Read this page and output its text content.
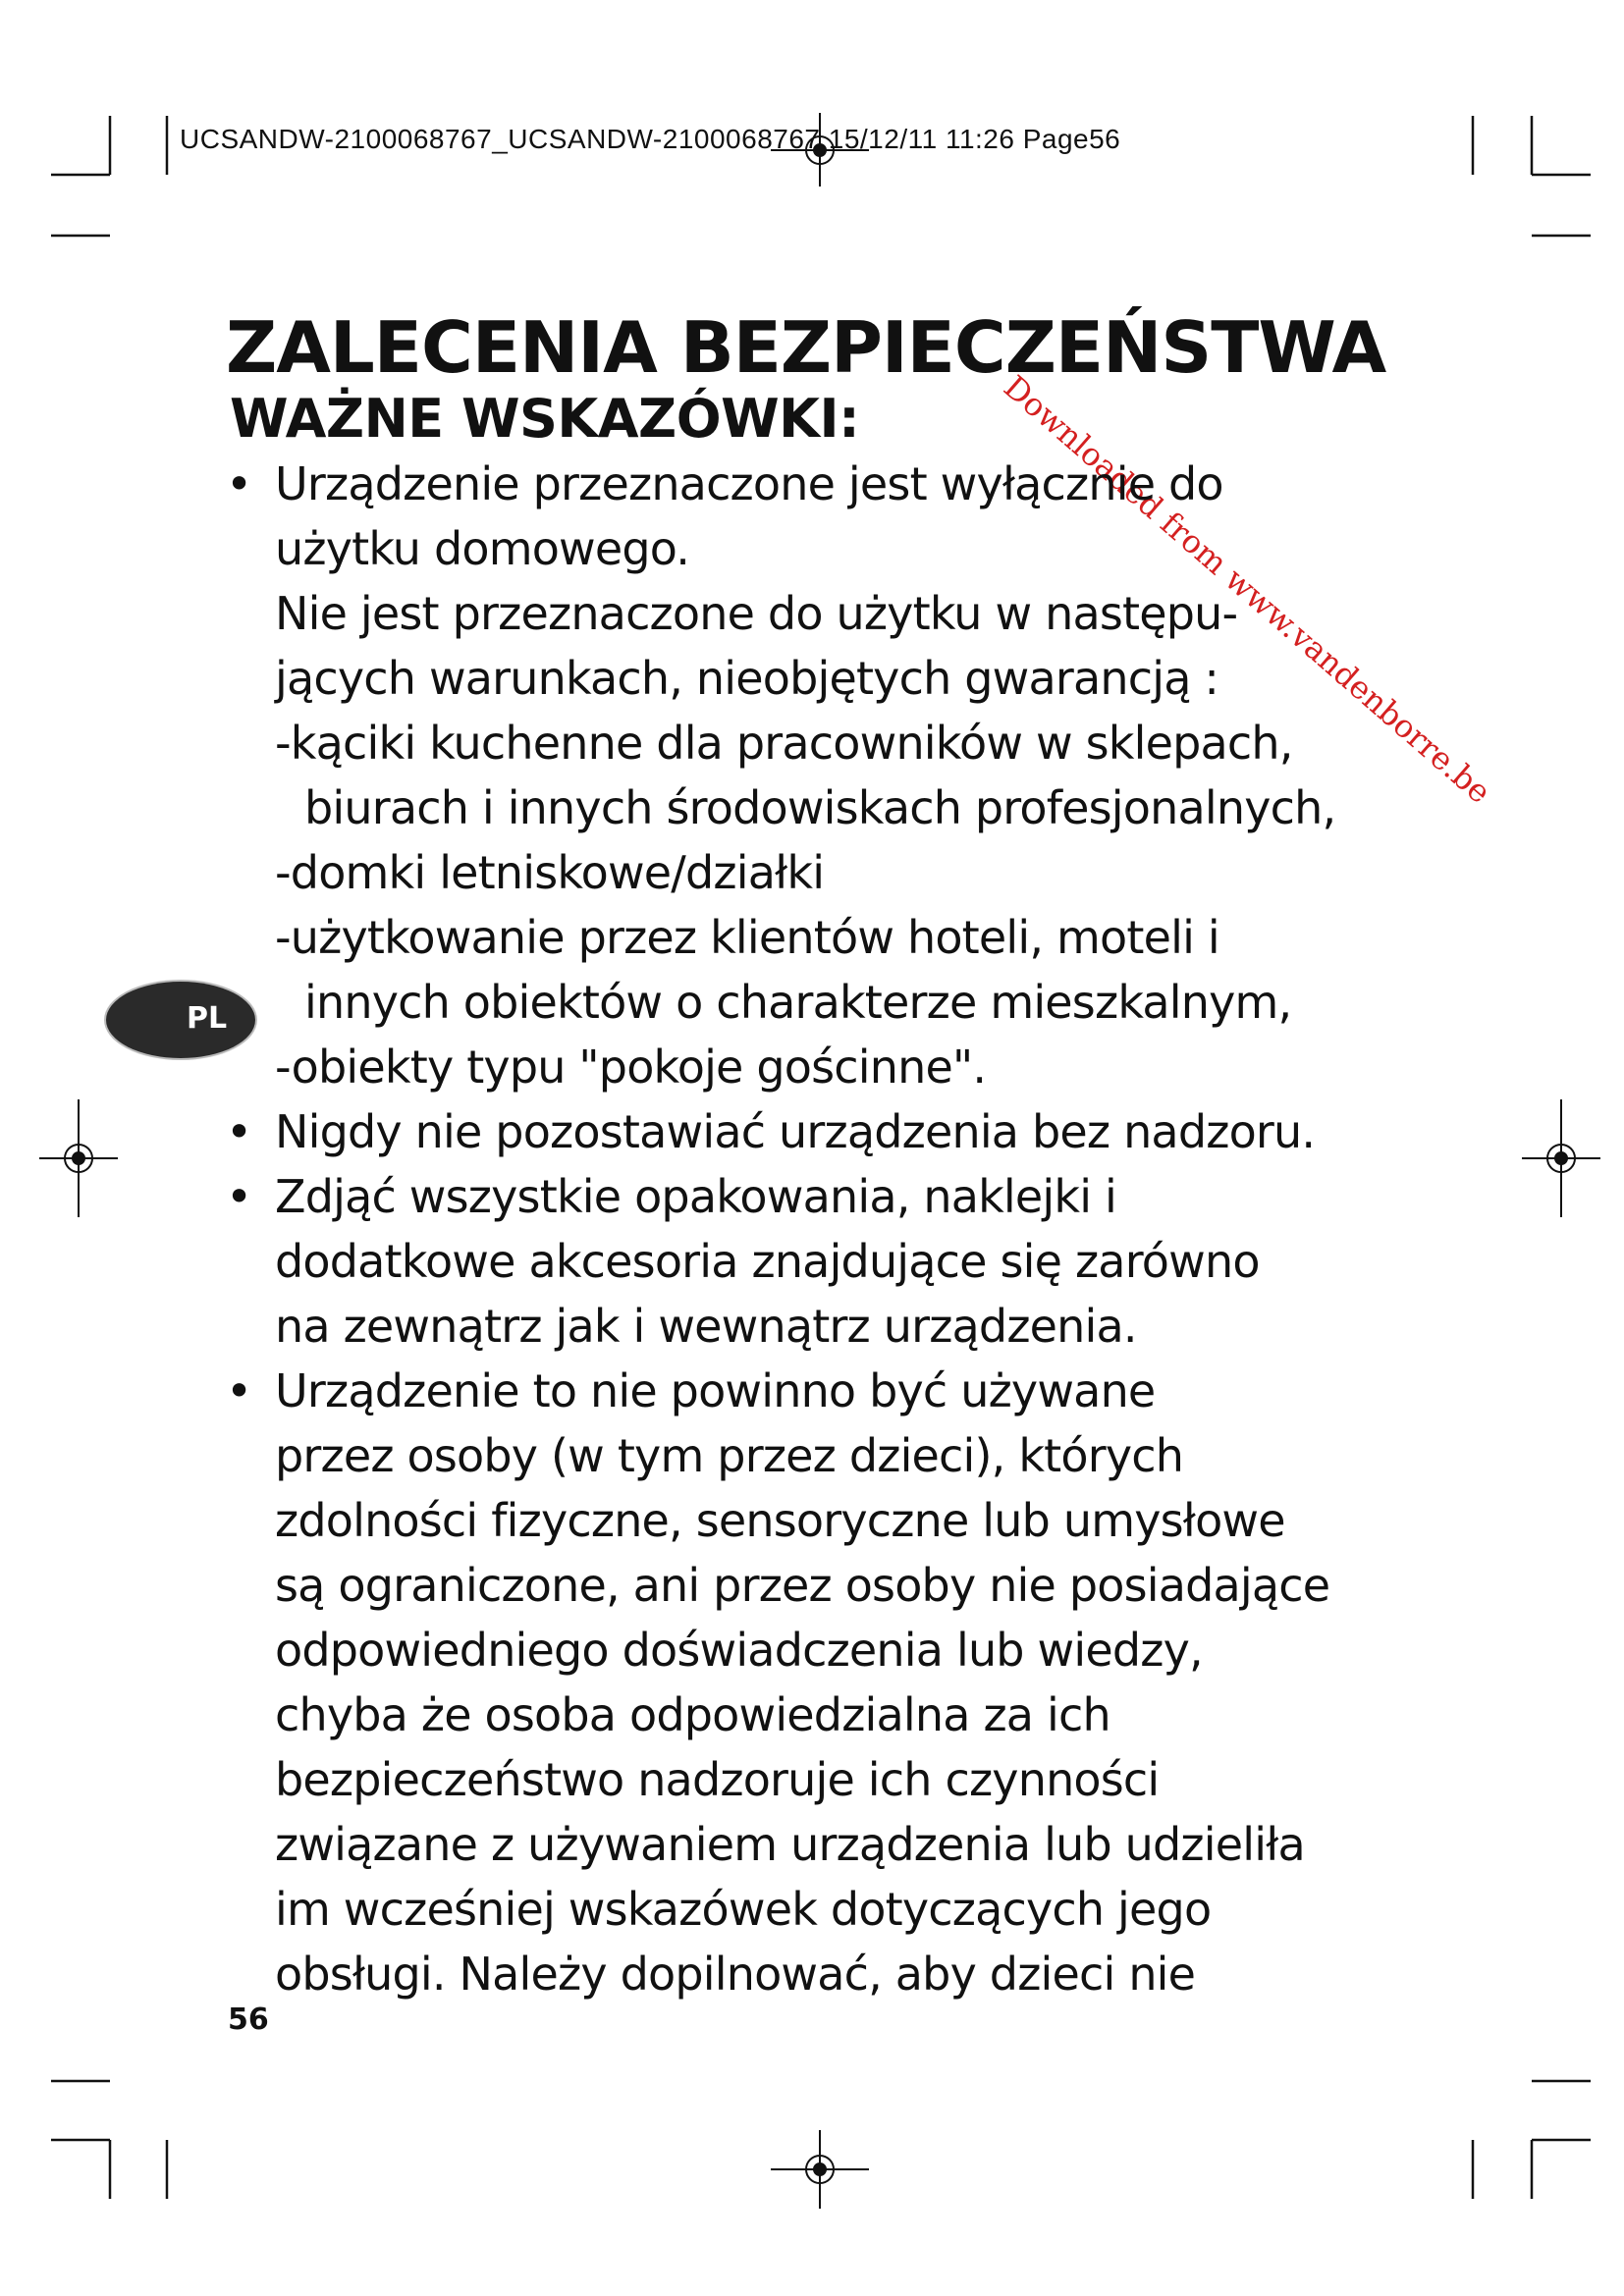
UCSANDW-2100068767_UCSANDW-2100068767 15/12/11 11:26 Page56
Downloaded from www.vandenborre.be
PL
ZALECENIA BEZPIECZEŃSTWA
WAŻNE WSKAZÓWKI:
• Urządzenie przeznaczone jest wyłącznie do
użytku domowego.
Nie jest przeznaczone do użytku w następu-
jących warunkach, nieobjętych gwarancją :
-kąciki kuchenne dla pracowników w sklepach,
biurach i innych środowiskach profesjonalnych,
-domki letniskowe/działki
-użytkowanie przez klientów hoteli, moteli i
innych obiektów o charakterze mieszkalnym,
-obiekty typu "pokoje gościnne".
• Nigdy nie pozostawiać urządzenia bez nadzoru.
• Zdjąć wszystkie opakowania, naklejki i
dodatkowe akcesoria znajdujące się zarówno
na zewnątrz jak i wewnątrz urządzenia.
• Urządzenie to nie powinno być używane
przez osoby (w tym przez dzieci), których
zdolności fizyczne, sensoryczne lub umysłowe
są ograniczone, ani przez osoby nie posiadające
odpowiedniego doświadczenia lub wiedzy,
chyba że osoba odpowiedzialna za ich
bezpieczeństwo nadzoruje ich czynności
związane z używaniem urządzenia lub udzieliła
im wcześniej wskazówek dotyczących jego
obsługi. Należy dopilnować, aby dzieci nie
56
